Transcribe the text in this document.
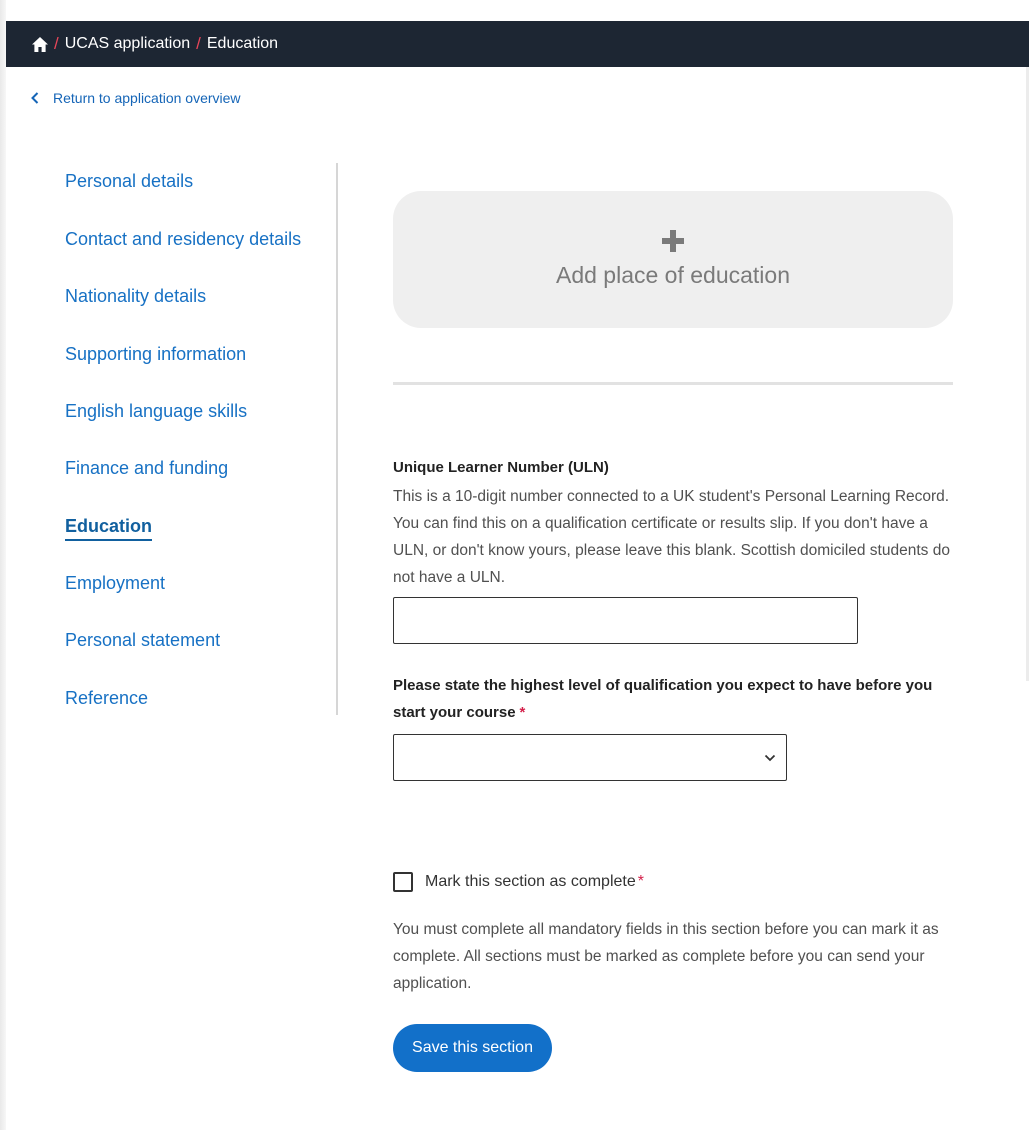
/ UCAS application / Education
Return to application overview
Personal details
Contact and residency details
Nationality details
Supporting information
English language skills
Finance and funding
Education
Employment
Personal statement
Reference
Add place of education
Unique Learner Number (ULN)
This is a 10-digit number connected to a UK student's Personal Learning Record. You can find this on a qualification certificate or results slip. If you don't have a ULN, or don't know yours, please leave this blank. Scottish domiciled students do not have a ULN.
Please state the highest level of qualification you expect to have before you start your course *
Mark this section as complete *
You must complete all mandatory fields in this section before you can mark it as complete. All sections must be marked as complete before you can send your application.
Save this section
